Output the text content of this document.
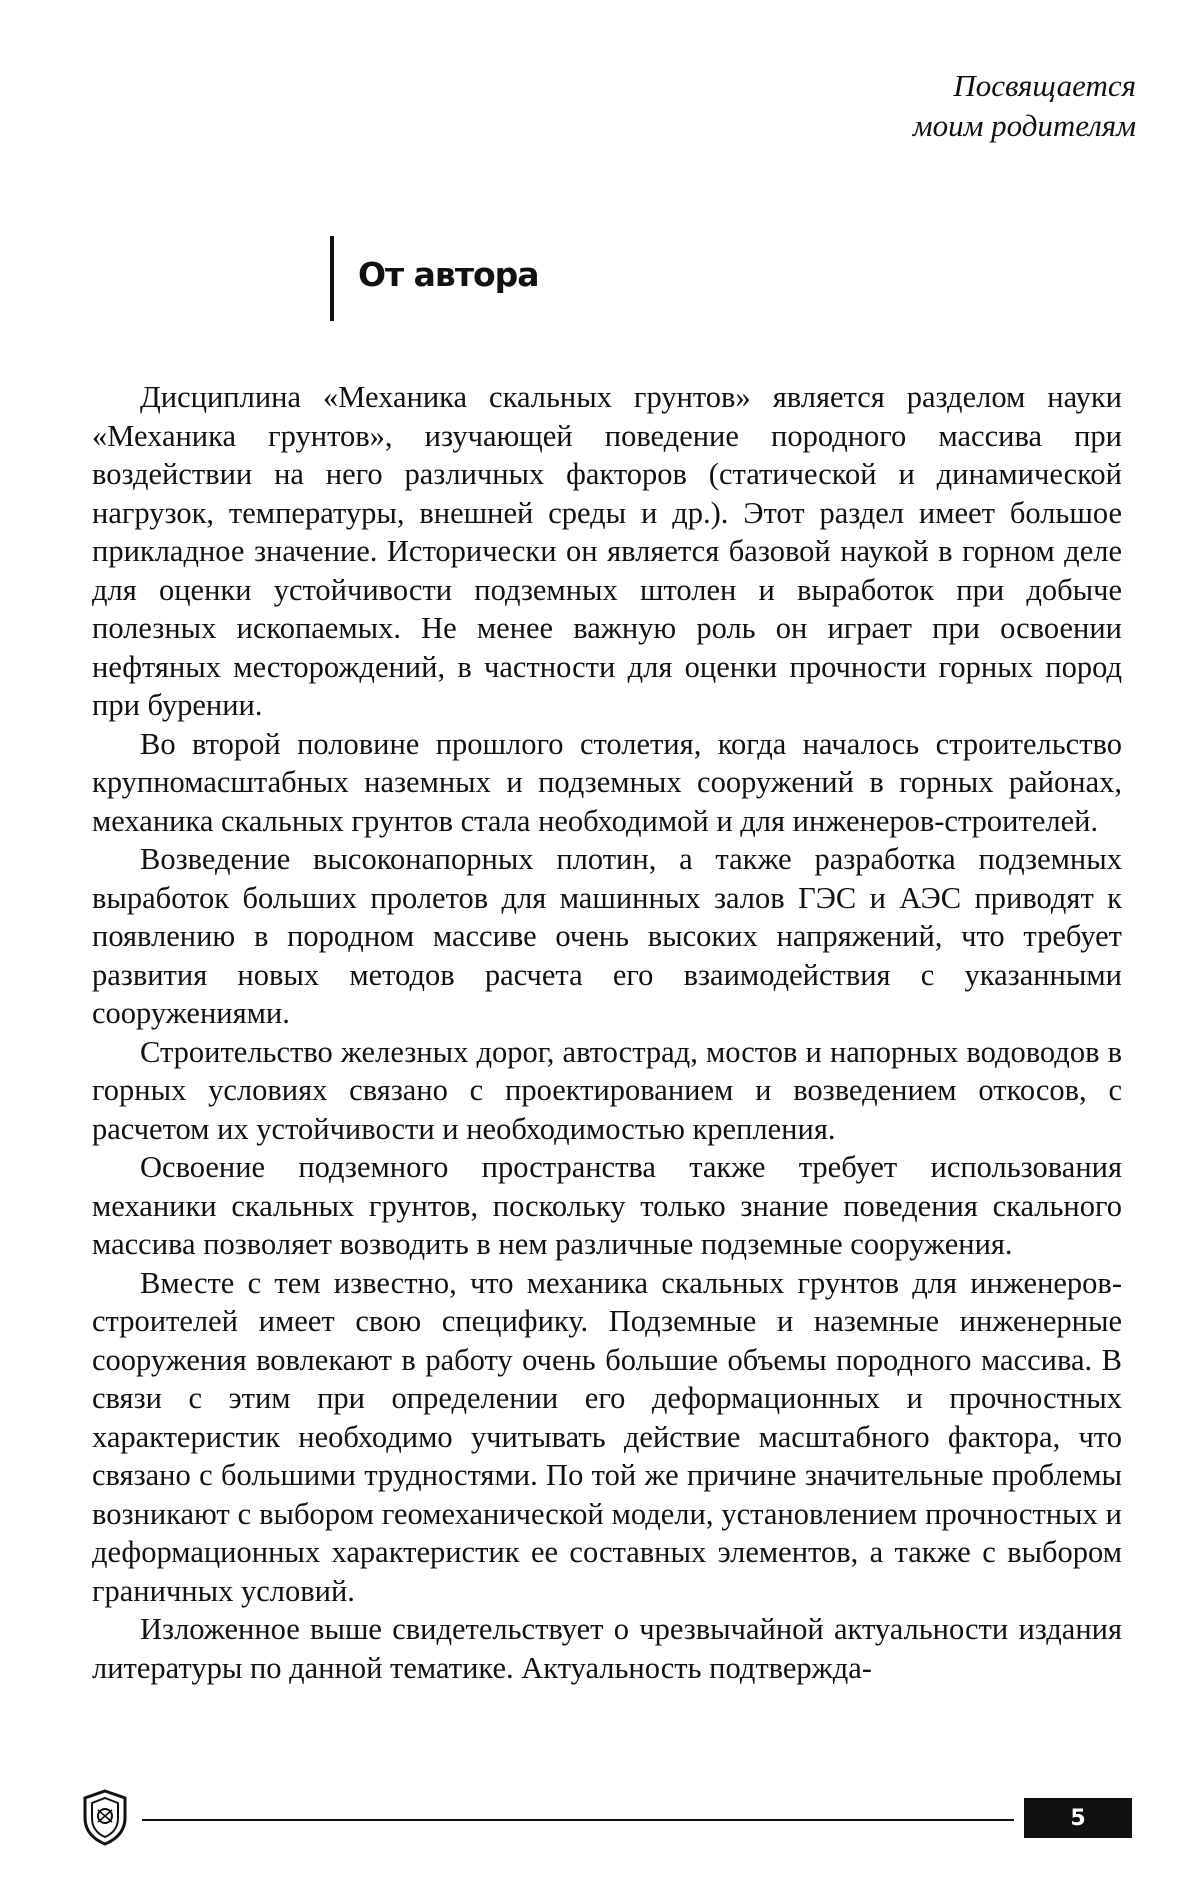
Посвящается
моим родителям
От автора

Дисциплина «Механика скальных грунтов» является разделом науки «Механика грунтов», изучающей поведение породного массива при воздействии на него различных факторов (статической и динамической нагрузок, температуры, внешней среды и др.). Этот раздел имеет большое прикладное значение. Исторически он является базовой наукой в горном деле для оценки устойчивости подземных штолен и выработок при добыче полезных ископаемых. Не менее важную роль он играет при освоении нефтяных месторождений, в частности для оценки прочности горных пород при бурении.

Во второй половине прошлого столетия, когда началось строительство крупномасштабных наземных и подземных сооружений в горных районах, механика скальных грунтов стала необходимой и для инженеров-строителей.

Возведение высоконапорных плотин, а также разработка подземных выработок больших пролетов для машинных залов ГЭС и АЭС приводят к появлению в породном массиве очень высоких напряжений, что требует развития новых методов расчета его взаимодействия с указанными сооружениями.

Строительство железных дорог, автострад, мостов и напорных водоводов в горных условиях связано с проектированием и возведением откосов, с расчетом их устойчивости и необходимостью крепления.

Освоение подземного пространства также требует использования механики скальных грунтов, поскольку только знание поведения скального массива позволяет возводить в нем различные подземные сооружения.

Вместе с тем известно, что механика скальных грунтов для инженеров-строителей имеет свою специфику. Подземные и наземные инженерные сооружения вовлекают в работу очень большие объемы породного массива. В связи с этим при определении его деформационных и прочностных характеристик необходимо учитывать действие масштабного фактора, что связано с большими трудностями. По той же причине значительные проблемы возникают с выбором геомеханической модели, установлением прочностных и деформационных характеристик ее составных элементов, а также с выбором граничных условий.

Изложенное выше свидетельствует о чрезвычайной актуальности издания литературы по данной тематике. Актуальность подтвержда-

5
